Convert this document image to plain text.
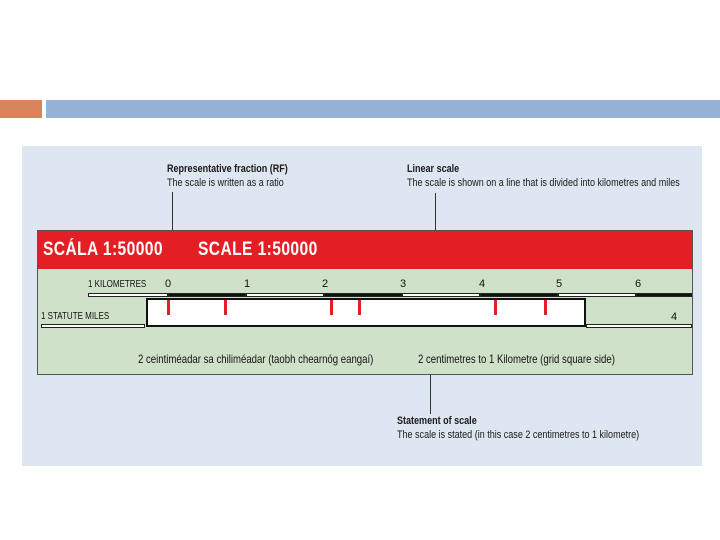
Representative fraction (RF)
The scale is written as a ratio
Linear scale
The scale is shown on a line that is divided into kilometres and miles
Statement of scale
The scale is stated (in this case 2 centimetres to 1 kilometre)
SCÁLA 1:50000 SCALE 1:50000
1 KILOMETRES 0	1	2	3	4	5	6
1 STATUTE MILES	4
2 ceintiméadar sa chiliméadar (taobh chearnóg eangaí)	2 centimetres to 1 Kilometre (grid square side)
